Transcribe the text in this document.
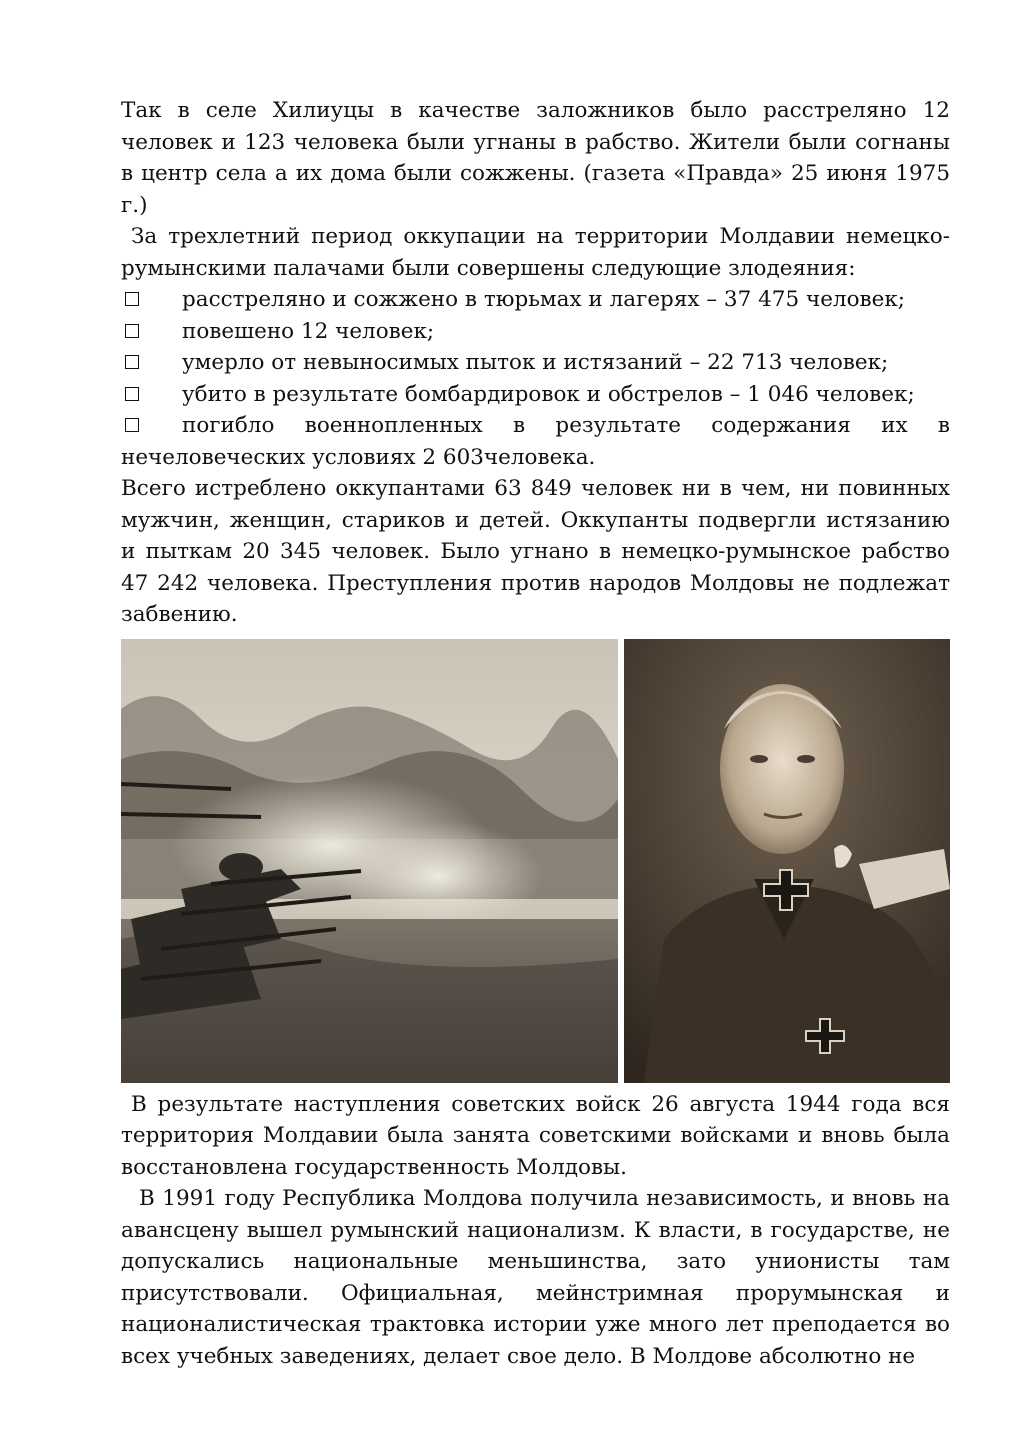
Так в селе Хилиуцы в качестве заложников было расстреляно 12 человек и 123 человека были угнаны в рабство. Жители были согнаны в центр села а их дома были сожжены. (газета «Правда» 25 июня 1975 г.)

За трехлетний период оккупации на территории Молдавии немецко-румынскими палачами были совершены следующие злодеяния:

расстреляно и сожжено в тюрьмах и лагерях – 37 475 человек;
повешено 12 человек;
умерло от невыносимых пыток и истязаний – 22 713 человек;
убито в результате бомбардировок и обстрелов – 1 046 человек;
погибло военнопленных в результате содержания их в нечеловеческих условиях 2 603человека.

Всего истреблено оккупантами 63 849 человек ни в чем, ни повинных мужчин, женщин, стариков и детей. Оккупанты подвергли истязанию и пыткам 20 345 человек. Было угнано в немецко-румынское рабство 47 242 человека. Преступления против народов Молдовы не подлежат забвению.

В результате наступления советских войск 26 августа 1944 года вся территория Молдавии была занята советскими войсками и вновь была восстановлена государственность Молдовы.

В 1991 году Республика Молдова получила независимость, и вновь на авансцену вышел румынский национализм. К власти, в государстве, не допускались национальные меньшинства, зато унионисты там присутствовали. Официальная, мейнстримная прорумынская и националистическая трактовка истории уже много лет преподается во всех учебных заведениях, делает свое дело. В Молдове абсолютно не
